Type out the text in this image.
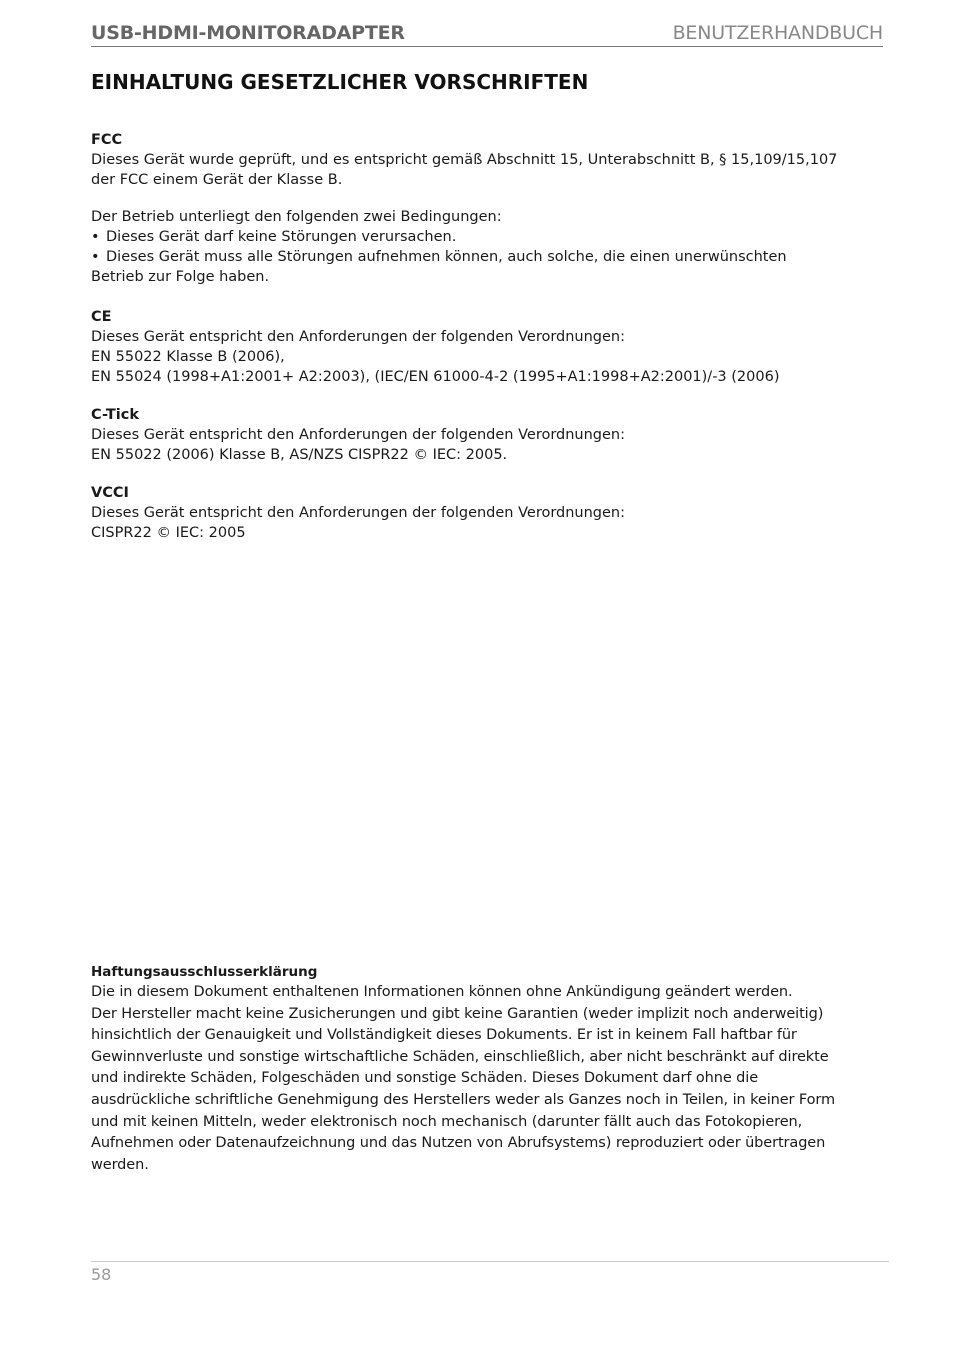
USB-HDMI-MONITORADAPTER	BENUTZERHANDBUCH
EINHALTUNG GESETZLICHER VORSCHRIFTEN

FCC

Dieses Gerät wurde geprüft, und es entspricht gemäß Abschnitt 15, Unterabschnitt B, § 15,109/15,107

der FCC einem Gerät der Klasse B.

Der Betrieb unterliegt den folgenden zwei Bedingungen:

• Dieses Gerät darf keine Störungen verursachen.
• Dieses Gerät muss alle Störungen aufnehmen können, auch solche, die einen unerwünschten

Betrieb zur Folge haben.

CE

Dieses Gerät entspricht den Anforderungen der folgenden Verordnungen:

EN 55022 Klasse B (2006),

EN 55024 (1998+A1:2001+ A2:2003), (IEC/EN 61000-4-2 (1995+A1:1998+A2:2001)/-3 (2006)

C-Tick

Dieses Gerät entspricht den Anforderungen der folgenden Verordnungen:

EN 55022 (2006) Klasse B, AS/NZS CISPR22 © IEC: 2005.

VCCI

Dieses Gerät entspricht den Anforderungen der folgenden Verordnungen:

CISPR22 © IEC: 2005

Haftungsausschlusserklärung

Die in diesem Dokument enthaltenen Informationen können ohne Ankündigung geändert werden.

Der Hersteller macht keine Zusicherungen und gibt keine Garantien (weder implizit noch anderweitig)

hinsichtlich der Genauigkeit und Vollständigkeit dieses Dokuments. Er ist in keinem Fall haftbar für

Gewinnverluste und sonstige wirtschaftliche Schäden, einschließlich, aber nicht beschränkt auf direkte

und indirekte Schäden, Folgeschäden und sonstige Schäden. Dieses Dokument darf ohne die

ausdrückliche schriftliche Genehmigung des Herstellers weder als Ganzes noch in Teilen, in keiner Form

und mit keinen Mitteln, weder elektronisch noch mechanisch (darunter fällt auch das Fotokopieren,

Aufnehmen oder Datenaufzeichnung und das Nutzen von Abrufsystems) reproduziert oder übertragen

werden.

58
